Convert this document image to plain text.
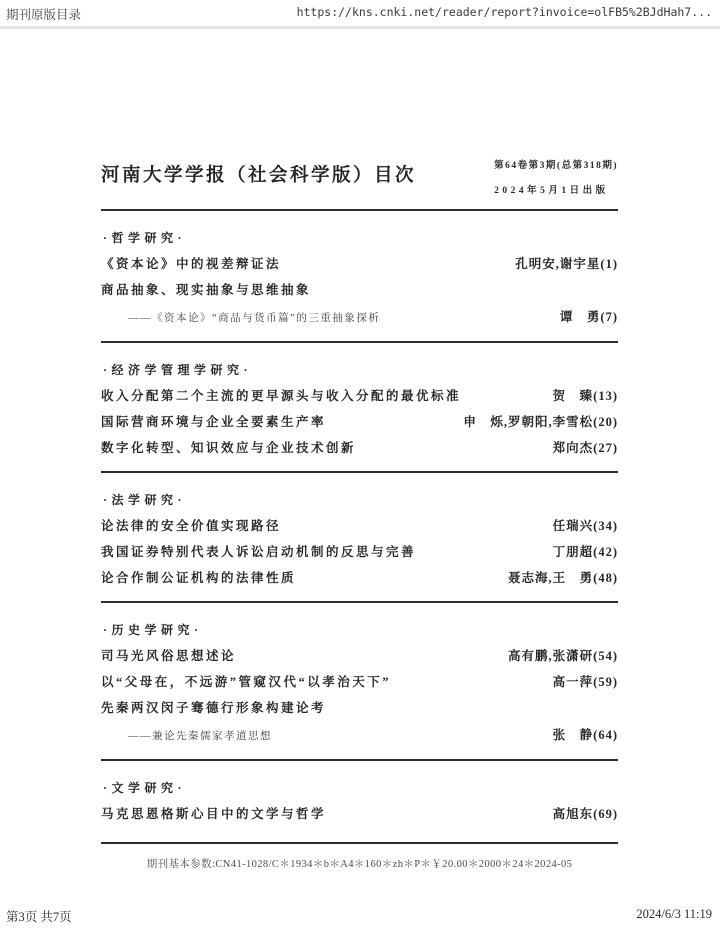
期刊原版目录	https://kns.cnki.net/reader/report?invoice=olFB5%2BJdHah7...
河南大学学报（社会科学版）目次	第64卷第3期(总第318期)
2024年5月1日出版
·哲学研究·
《资本论》中的视差辩证法	孔明安,谢宇星(1)
商品抽象、现实抽象与思维抽象
——《资本论》“商品与货币篇”的三重抽象探析	谭　勇(7)
·经济学管理学研究·
收入分配第二个主流的更早源头与收入分配的最优标准	贺　臻(13)
国际营商环境与企业全要素生产率	申　烁,罗朝阳,李雪松(20)
数字化转型、知识效应与企业技术创新	郑向杰(27)
·法学研究·
论法律的安全价值实现路径	任瑞兴(34)
我国证券特别代表人诉讼启动机制的反思与完善	丁朋超(42)
论合作制公证机构的法律性质	聂志海,王　勇(48)
·历史学研究·
司马光风俗思想述论	高有鹏,张潇研(54)
以“父母在，不远游”管窥汉代“以孝治天下”	高一萍(59)
先秦两汉闵子骞德行形象构建论考
——兼论先秦儒家孝道思想	张　静(64)
·文学研究·
马克思恩格斯心目中的文学与哲学	高旭东(69)
期刊基本参数:CN41-1028/C＊1934＊b＊A4＊160＊zh＊P＊￥20.00＊2000＊24＊2024-05
第3页 共7页	2024/6/3 11:19
